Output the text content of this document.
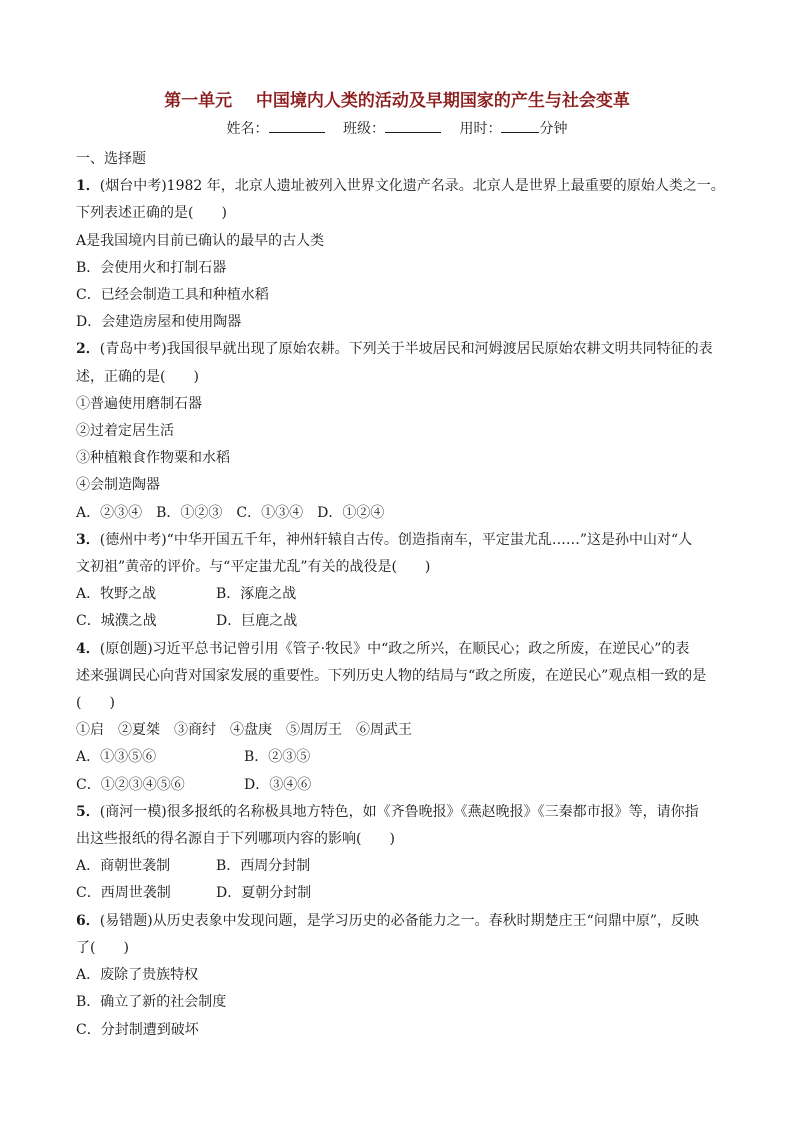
第一单元    中国境内人类的活动及早期国家的产生与社会变革
姓名：	班级：	用时：	分钟
一、选择题
1．(烟台中考)1982 年，北京人遗址被列入世界文化遗产名录。北京人是世界上最重要的原始人类之一。
下列表述正确的是(　　)
A是我国境内目前已确认的最早的古人类
B．会使用火和打制石器
C．已经会制造工具和种植水稻
D．会建造房屋和使用陶器
2．(青岛中考)我国很早就出现了原始农耕。下列关于半坡居民和河姆渡居民原始农耕文明共同特征的表
述，正确的是(　　)
①普遍使用磨制石器
②过着定居生活
③种植粮食作物粟和水稻
④会制造陶器
A．②③④　B．①②③　C．①③④　D．①②④
3．(德州中考)“中华开国五千年，神州轩辕自古传。创造指南车，平定蚩尤乱……”这是孙中山对“人
文初祖”黄帝的评价。与“平定蚩尤乱”有关的战役是(　　)
A．牧野之战	B．涿鹿之战
C．城濮之战	D．巨鹿之战
4．(原创题)习近平总书记曾引用《管子·牧民》中“政之所兴，在顺民心；政之所废，在逆民心”的表
述来强调民心向背对国家发展的重要性。下列历史人物的结局与“政之所废，在逆民心”观点相一致的是
(　　)
①启　②夏桀　③商纣　④盘庚　⑤周厉王　⑥周武王
A．①③⑤⑥	B．②③⑤
C．①②③④⑤⑥	D．③④⑥
5．(商河一模)很多报纸的名称极具地方特色，如《齐鲁晚报》《燕赵晚报》《三秦都市报》等，请你指
出这些报纸的得名源自于下列哪项内容的影响(　　)
A．商朝世袭制	B．西周分封制
C．西周世袭制	D．夏朝分封制
6．(易错题)从历史表象中发现问题，是学习历史的必备能力之一。春秋时期楚庄王“问鼎中原”，反映
了(　　)
A．废除了贵族特权
B．确立了新的社会制度
C．分封制遭到破坏
